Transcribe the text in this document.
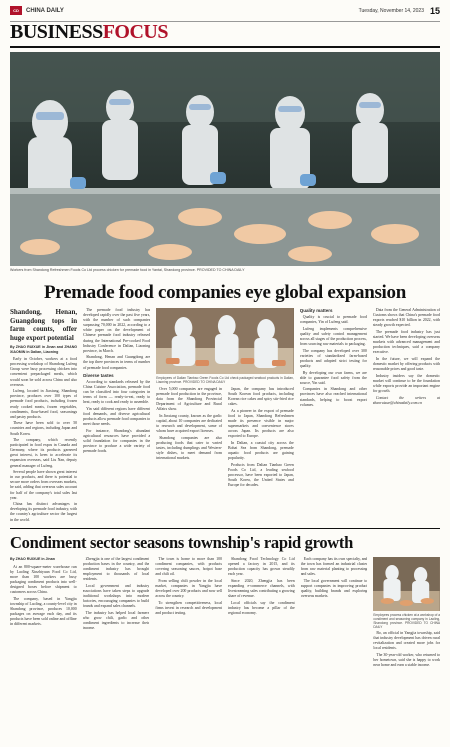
CD CHINA DAILY	Tuesday, November 14, 2023 15
BUSINESS FOCUS
Workers from Shandong Refreshmen Foods Co Ltd process chicken for premade food in Yantai, Shandong province. PROVIDED TO CHINA DAILY
Premade food companies eye global expansion
Shandong, Henan, Guangdong tops in farm counts, offer huge export potential
By ZHAO RUIXUE in Jinan and ZHANG XIAOMIN in Dalian, Liaoning

Early in October, workers at a food processing workshop of Shandong Lufeng Group were busy processing chicken into convenient prepackaged meals, which would soon be sold across China and also overseas.

Lufeng, located in Jiaxiang, Shandong province, produces over 100 types of premade food products, including frozen ready cooked meats, frozen vegetables, condiments, flour-based food, seasonings and pastry products.

These have been sold to over 50 countries and regions, including Japan and South Korea.

The company, which recently participated in food expos in Canada and Germany, where its products garnered great interest, is keen to accelerate its expansion overseas, said Liu Nan, deputy general manager of Lufeng.

Several people have shown great interest in our products, and there is potential to secure more orders from overseas markets, he said, adding that overseas sales account for half of the company's total sales last year.

China has distinct advantages in developing its premade food industry, with the country's agriculture sector the largest in the world.

The premade food industry has developed rapidly over the past five years, with the number of such companies surpassing 70,000 in 2022, according to a white paper on the development of Chinese premade food industry released during the International Pre-cooked Food Industry Conference in Dalian, Liaoning province, in March.

Shandong, Henan and Guangdong are the top three provinces in terms of number of premade food companies.

Diverse tastes

According to standards released by the China Cuisine Association, premade food can be classified into four categories in terms of form — ready-to-eat, ready to heat, ready to cook and ready to assemble.

Yin said different regions have different food demands, and diverse agricultural products allow premade food companies to meet those needs.

For instance, Shandong's abundant agricultural resources have provided a solid foundation for companies in the province to produce a wide variety of premade foods.

Employees of Dalian Tianbao Green Foods Co Ltd check packaged seafood products in Dalian, Liaoning province. PROVIDED TO CHINA DAILY

Over 5,000 companies are engaged in premade food production in the province, data from the Shandong Provincial Department of Agriculture and Rural Affairs show.

In Jinxiang county, known as the garlic capital, about 10 companies are dedicated to research and development, some of whom have acquired export licenses.

Shandong companies are also producing foods that cater to varied tastes, including dumplings and Western-style dishes, to meet demand from international markets.

Japan, the company has introduced South Korean food products, including Korean rice cakes and spicy stir-fried rice cakes.

As a pioneer in the export of premade food to Japan, Shandong Refreshmen made its presence visible in major supermarkets and convenience stores across Japan. Its products are also exported to Europe.

In Dalian, a coastal city across the Bohai Sea from Shandong, premade aquatic food products are gaining popularity.

Products from Dalian Tianbao Green Foods Co Ltd, a leading seafood processor, have been exported to Japan, South Korea, the United States and Europe for decades.

Quality matters

Quality is crucial to premade food companies, Yin of Lufeng said.

Lufeng implements comprehensive quality and safety control management across all stages of the production process, from sourcing raw materials to packaging.

The company has developed over 300 varieties of standardized farm-based products and adopted strict testing for quality.

By developing our own farms, we are able to guarantee food safety from the source, Yin said.

Companies in Shandong and other provinces have also reached international standards, helping to boost export volumes.

Data from the General Administration of Customs shows that China's premade food exports reached $10 billion in 2022, with steady growth expected.

The premade food industry has just started. We have been developing overseas markets with advanced management and production techniques, said a company executive.

In the future, we will expand the domestic market by offering products with reasonable prices and good taste.

Industry insiders say the domestic market will continue to be the foundation while exports provide an important engine for growth.

Contact the writers at zhaoruixue@chinadaily.com.cn

Condiment sector seasons township's rapid growth
By ZHAO RUIXUE in Jinan

At an 800-square-meter warehouse run by Laoling Xinzhiyuan Food Co Ltd, more than 100 workers are busy packaging condiment products into well-designed boxes before shipment to customers across China.

The company, based in Yangjia township of Laoling, a county-level city in Shandong province, produces 10,000 packages on average each day, and its products have been sold online and offline in different markets.

Zhengjia is one of the largest condiment production bases in the country, and the condiment industry has brought employment to thousands of local residents.

Local government and industry associations have taken steps to upgrade traditional workshops into modern factories, encouraging companies to build brands and expand sales channels.

The industry has helped local farmers who grow chili, garlic and other condiment ingredients to increase their income.

The town is home to more than 100 condiment companies, with products covering seasoning sauces, hotpot base and chili oil.

From selling chili powder in the local market, companies in Yangjia have developed over 200 products and now sell across the country.

To strengthen competitiveness, local firms invest in research and development and product testing.

Shandong Food Technology Co Ltd opened a factory in 2015, and its production capacity has grown steadily each year.

Since 2020, Zhengjia has been expanding e-commerce channels, with livestreaming sales contributing a growing share of revenue.

Local officials say the condiment industry has become a pillar of the regional economy.

Each company has its own specialty, and the town has formed an industrial cluster from raw material planting to processing and sales.

The local government will continue to support companies in improving product quality, building brands and exploring overseas markets.

Employees process chicken at a workshop of a condiment and seasoning company in Laoling, Shandong province. PROVIDED TO CHINA DAILY

Bo, an official in Yangjia township, said that industry development has driven rural revitalization and created more jobs for local residents.

The 30-year-old worker, who returned to her hometown, said she is happy to work near home and earn a stable income.
